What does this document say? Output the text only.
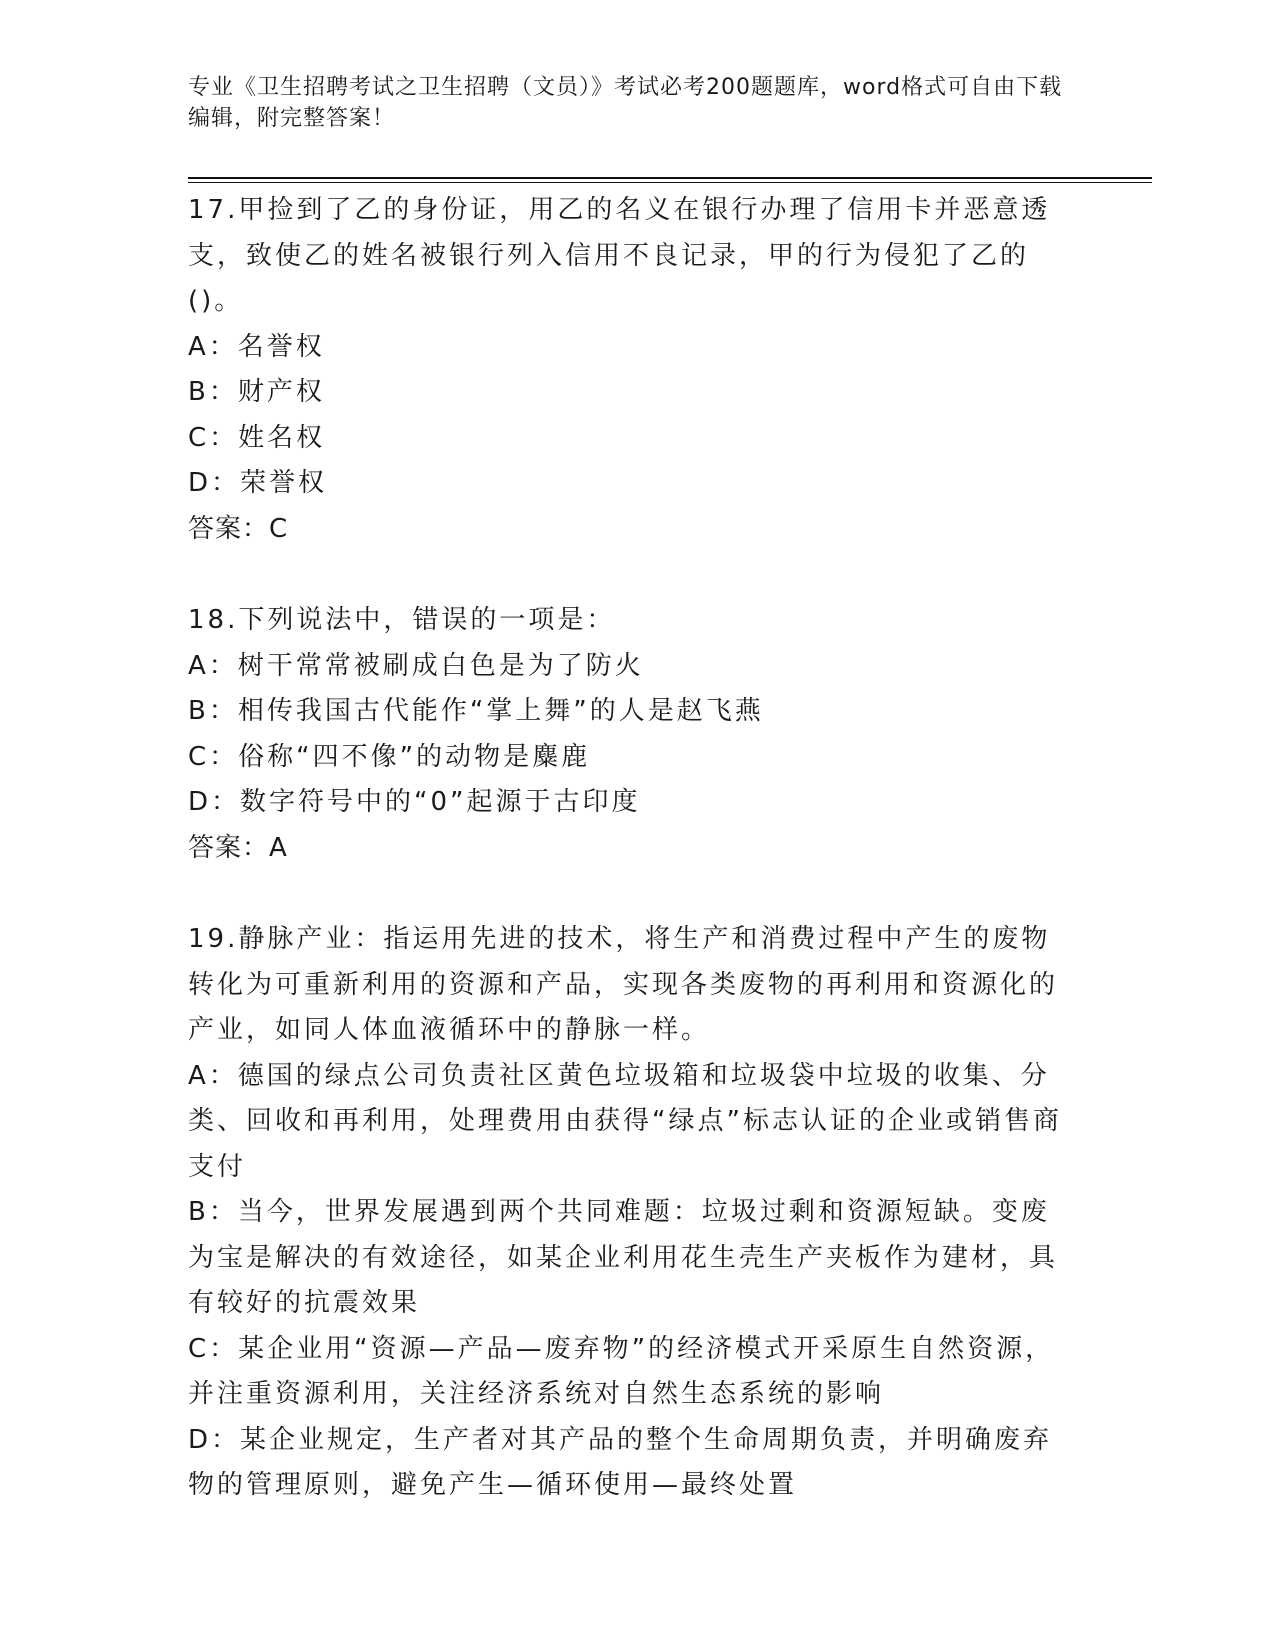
专业《卫生招聘考试之卫生招聘（文员）》考试必考200题题库，word格式可自由下载编辑，附完整答案！

17.甲捡到了乙的身份证，用乙的名义在银行办理了信用卡并恶意透支，致使乙的姓名被银行列入信用不良记录，甲的行为侵犯了乙的()。

A：名誉权

B：财产权

C：姓名权

D：荣誉权

答案：C

18.下列说法中，错误的一项是：

A：树干常常被刷成白色是为了防火

B：相传我国古代能作“掌上舞”的人是赵飞燕

C：俗称“四不像”的动物是麋鹿

D：数字符号中的“0”起源于古印度

答案：A

19.静脉产业：指运用先进的技术，将生产和消费过程中产生的废物转化为可重新利用的资源和产品，实现各类废物的再利用和资源化的产业，如同人体血液循环中的静脉一样。

A：德国的绿点公司负责社区黄色垃圾箱和垃圾袋中垃圾的收集、分类、回收和再利用，处理费用由获得“绿点”标志认证的企业或销售商支付

B：当今，世界发展遇到两个共同难题：垃圾过剩和资源短缺。变废为宝是解决的有效途径，如某企业利用花生壳生产夹板作为建材，具有较好的抗震效果

C：某企业用“资源—产品—废弃物”的经济模式开采原生自然资源，并注重资源利用，关注经济系统对自然生态系统的影响

D：某企业规定，生产者对其产品的整个生命周期负责，并明确废弃物的管理原则，避免产生—循环使用—最终处置
